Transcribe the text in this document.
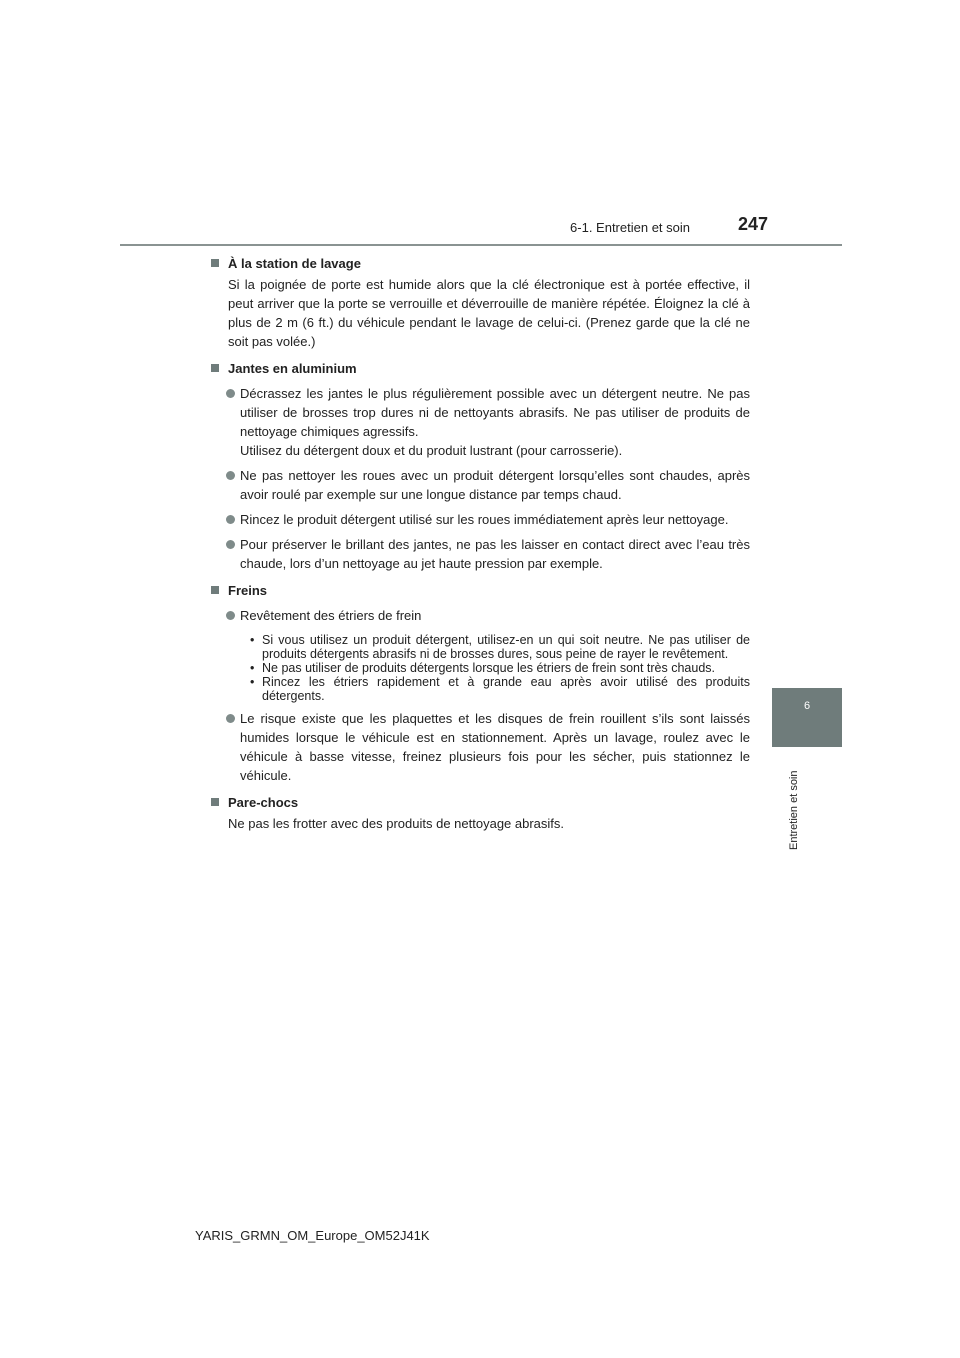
6-1. Entretien et soin	247
6
Entretien et soin

À la station de lavage

Si la poignée de porte est humide alors que la clé électronique est à portée effective, il peut arriver que la porte se verrouille et déverrouille de manière répétée. Éloignez la clé à plus de 2 m (6 ft.) du véhicule pendant le lavage de celui-ci. (Prenez garde que la clé ne soit pas volée.)

Jantes en aluminium

Décrassez les jantes le plus régulièrement possible avec un détergent neutre. Ne pas utiliser de brosses trop dures ni de nettoyants abrasifs. Ne pas utiliser de produits de nettoyage chimiques agressifs.
Utilisez du détergent doux et du produit lustrant (pour carrosserie).
Ne pas nettoyer les roues avec un produit détergent lorsqu’elles sont chaudes, après avoir roulé par exemple sur une longue distance par temps chaud.
Rincez le produit détergent utilisé sur les roues immédiatement après leur nettoyage.
Pour préserver le brillant des jantes, ne pas les laisser en contact direct avec l’eau très chaude, lors d’un nettoyage au jet haute pression par exemple.

Freins

Revêtement des étriers de frein
• Si vous utilisez un produit détergent, utilisez-en un qui soit neutre. Ne pas utiliser de produits détergents abrasifs ni de brosses dures, sous peine de rayer le revêtement.
• Ne pas utiliser de produits détergents lorsque les étriers de frein sont très chauds.
• Rincez les étriers rapidement et à grande eau après avoir utilisé des produits détergents.
Le risque existe que les plaquettes et les disques de frein rouillent s’ils sont laissés humides lorsque le véhicule est en stationnement. Après un lavage, roulez avec le véhicule à basse vitesse, freinez plusieurs fois pour les sécher, puis stationnez le véhicule.

Pare-chocs

Ne pas les frotter avec des produits de nettoyage abrasifs.

YARIS_GRMN_OM_Europe_OM52J41K
